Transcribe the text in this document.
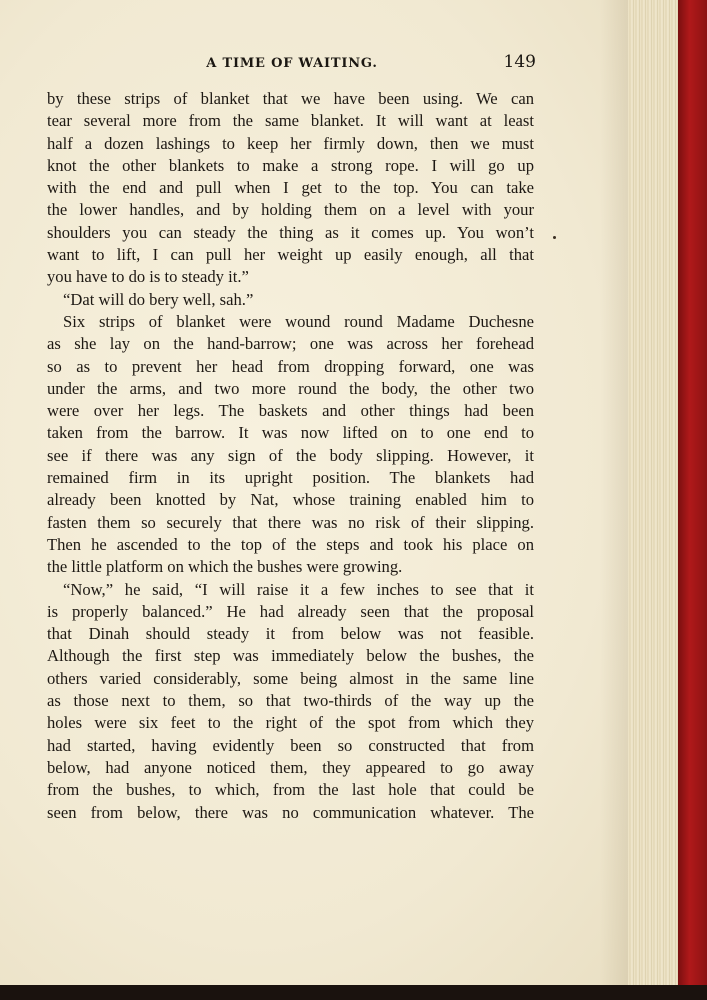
A TIME OF WAITING.	149
by these strips of blanket that we have been using. We can
tear several more from the same blanket. It will want at least
half a dozen lashings to keep her firmly down, then we must
knot the other blankets to make a strong rope. I will go up
with the end and pull when I get to the top. You can take
the lower handles, and by holding them on a level with your
shoulders you can steady the thing as it comes up. You won’t
want to lift, I can pull her weight up easily enough, all that
you have to do is to steady it.”
“Dat will do bery well, sah.”
Six strips of blanket were wound round Madame Duchesne
as she lay on the hand-barrow; one was across her forehead
so as to prevent her head from dropping forward, one was
under the arms, and two more round the body, the other two
were over her legs. The baskets and other things had been
taken from the barrow. It was now lifted on to one end to
see if there was any sign of the body slipping. However, it
remained firm in its upright position. The blankets had
already been knotted by Nat, whose training enabled him to
fasten them so securely that there was no risk of their slipping.
Then he ascended to the top of the steps and took his place on
the little platform on which the bushes were growing.
“Now,” he said, “I will raise it a few inches to see that it
is properly balanced.” He had already seen that the proposal
that Dinah should steady it from below was not feasible.
Although the first step was immediately below the bushes, the
others varied considerably, some being almost in the same line
as those next to them, so that two-thirds of the way up the
holes were six feet to the right of the spot from which they
had started, having evidently been so constructed that from
below, had anyone noticed them, they appeared to go away
from the bushes, to which, from the last hole that could be
seen from below, there was no communication whatever. The
